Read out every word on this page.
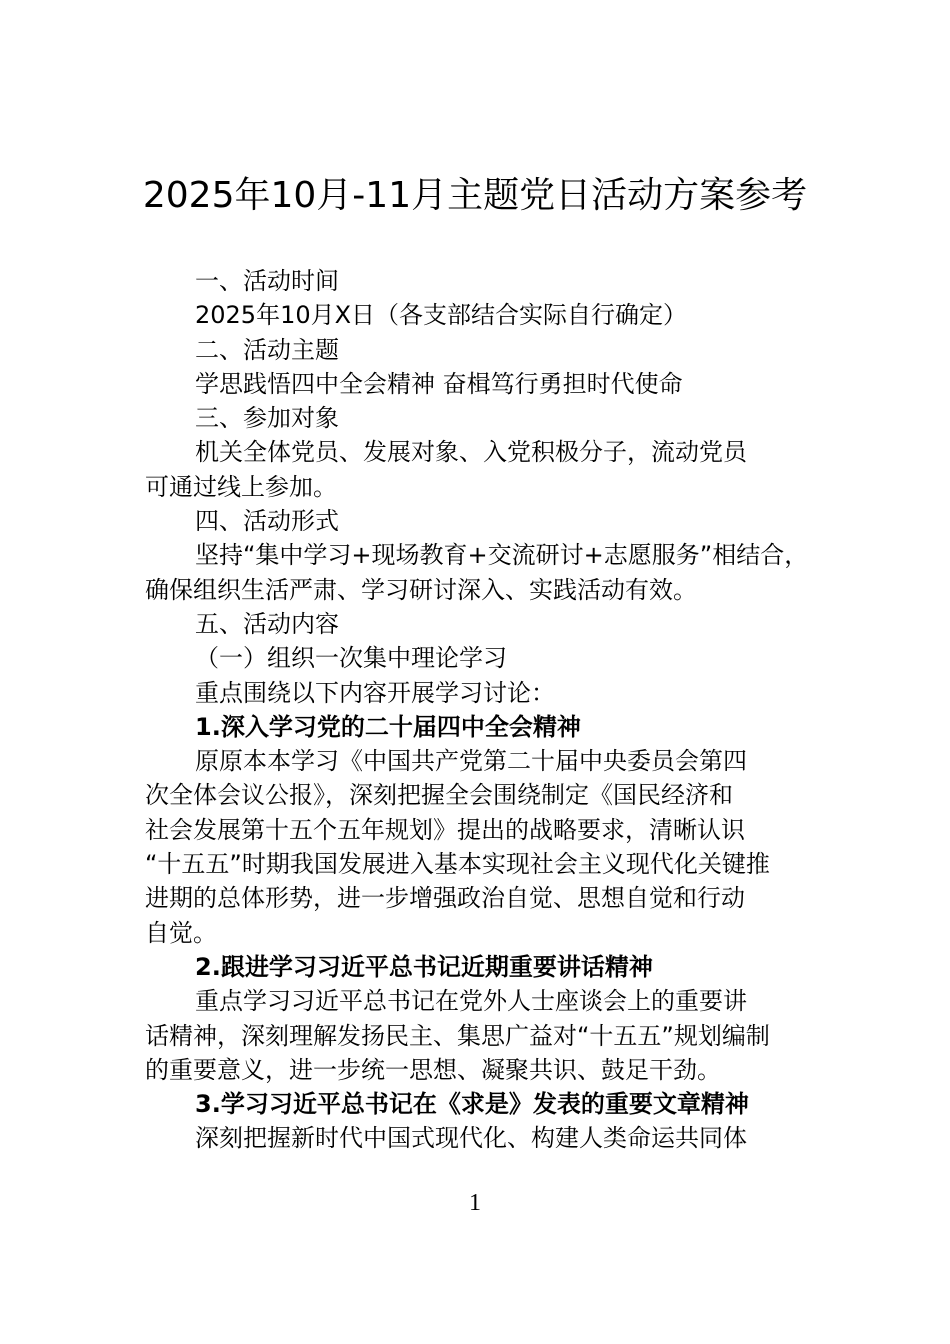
2025年10月-11月主题党日活动方案参考
一、活动时间
2025年10月X日（各支部结合实际自行确定）
二、活动主题
学思践悟四中全会精神 奋楫笃行勇担时代使命
三、参加对象
机关全体党员、发展对象、入党积极分子，流动党员
可通过线上参加。
四、活动形式
坚持“集中学习+现场教育+交流研讨+志愿服务”相结合，
确保组织生活严肃、学习研讨深入、实践活动有效。
五、活动内容
（一）组织一次集中理论学习
重点围绕以下内容开展学习讨论：
1.深入学习党的二十届四中全会精神
原原本本学习《中国共产党第二十届中央委员会第四
次全体会议公报》，深刻把握全会围绕制定《国民经济和
社会发展第十五个五年规划》提出的战略要求，清晰认识
“十五五”时期我国发展进入基本实现社会主义现代化关键推
进期的总体形势，进一步增强政治自觉、思想自觉和行动
自觉。
2.跟进学习习近平总书记近期重要讲话精神
重点学习习近平总书记在党外人士座谈会上的重要讲
话精神，深刻理解发扬民主、集思广益对“十五五”规划编制
的重要意义，进一步统一思想、凝聚共识、鼓足干劲。
3.学习习近平总书记在《求是》发表的重要文章精神
深刻把握新时代中国式现代化、构建人类命运共同体
1
